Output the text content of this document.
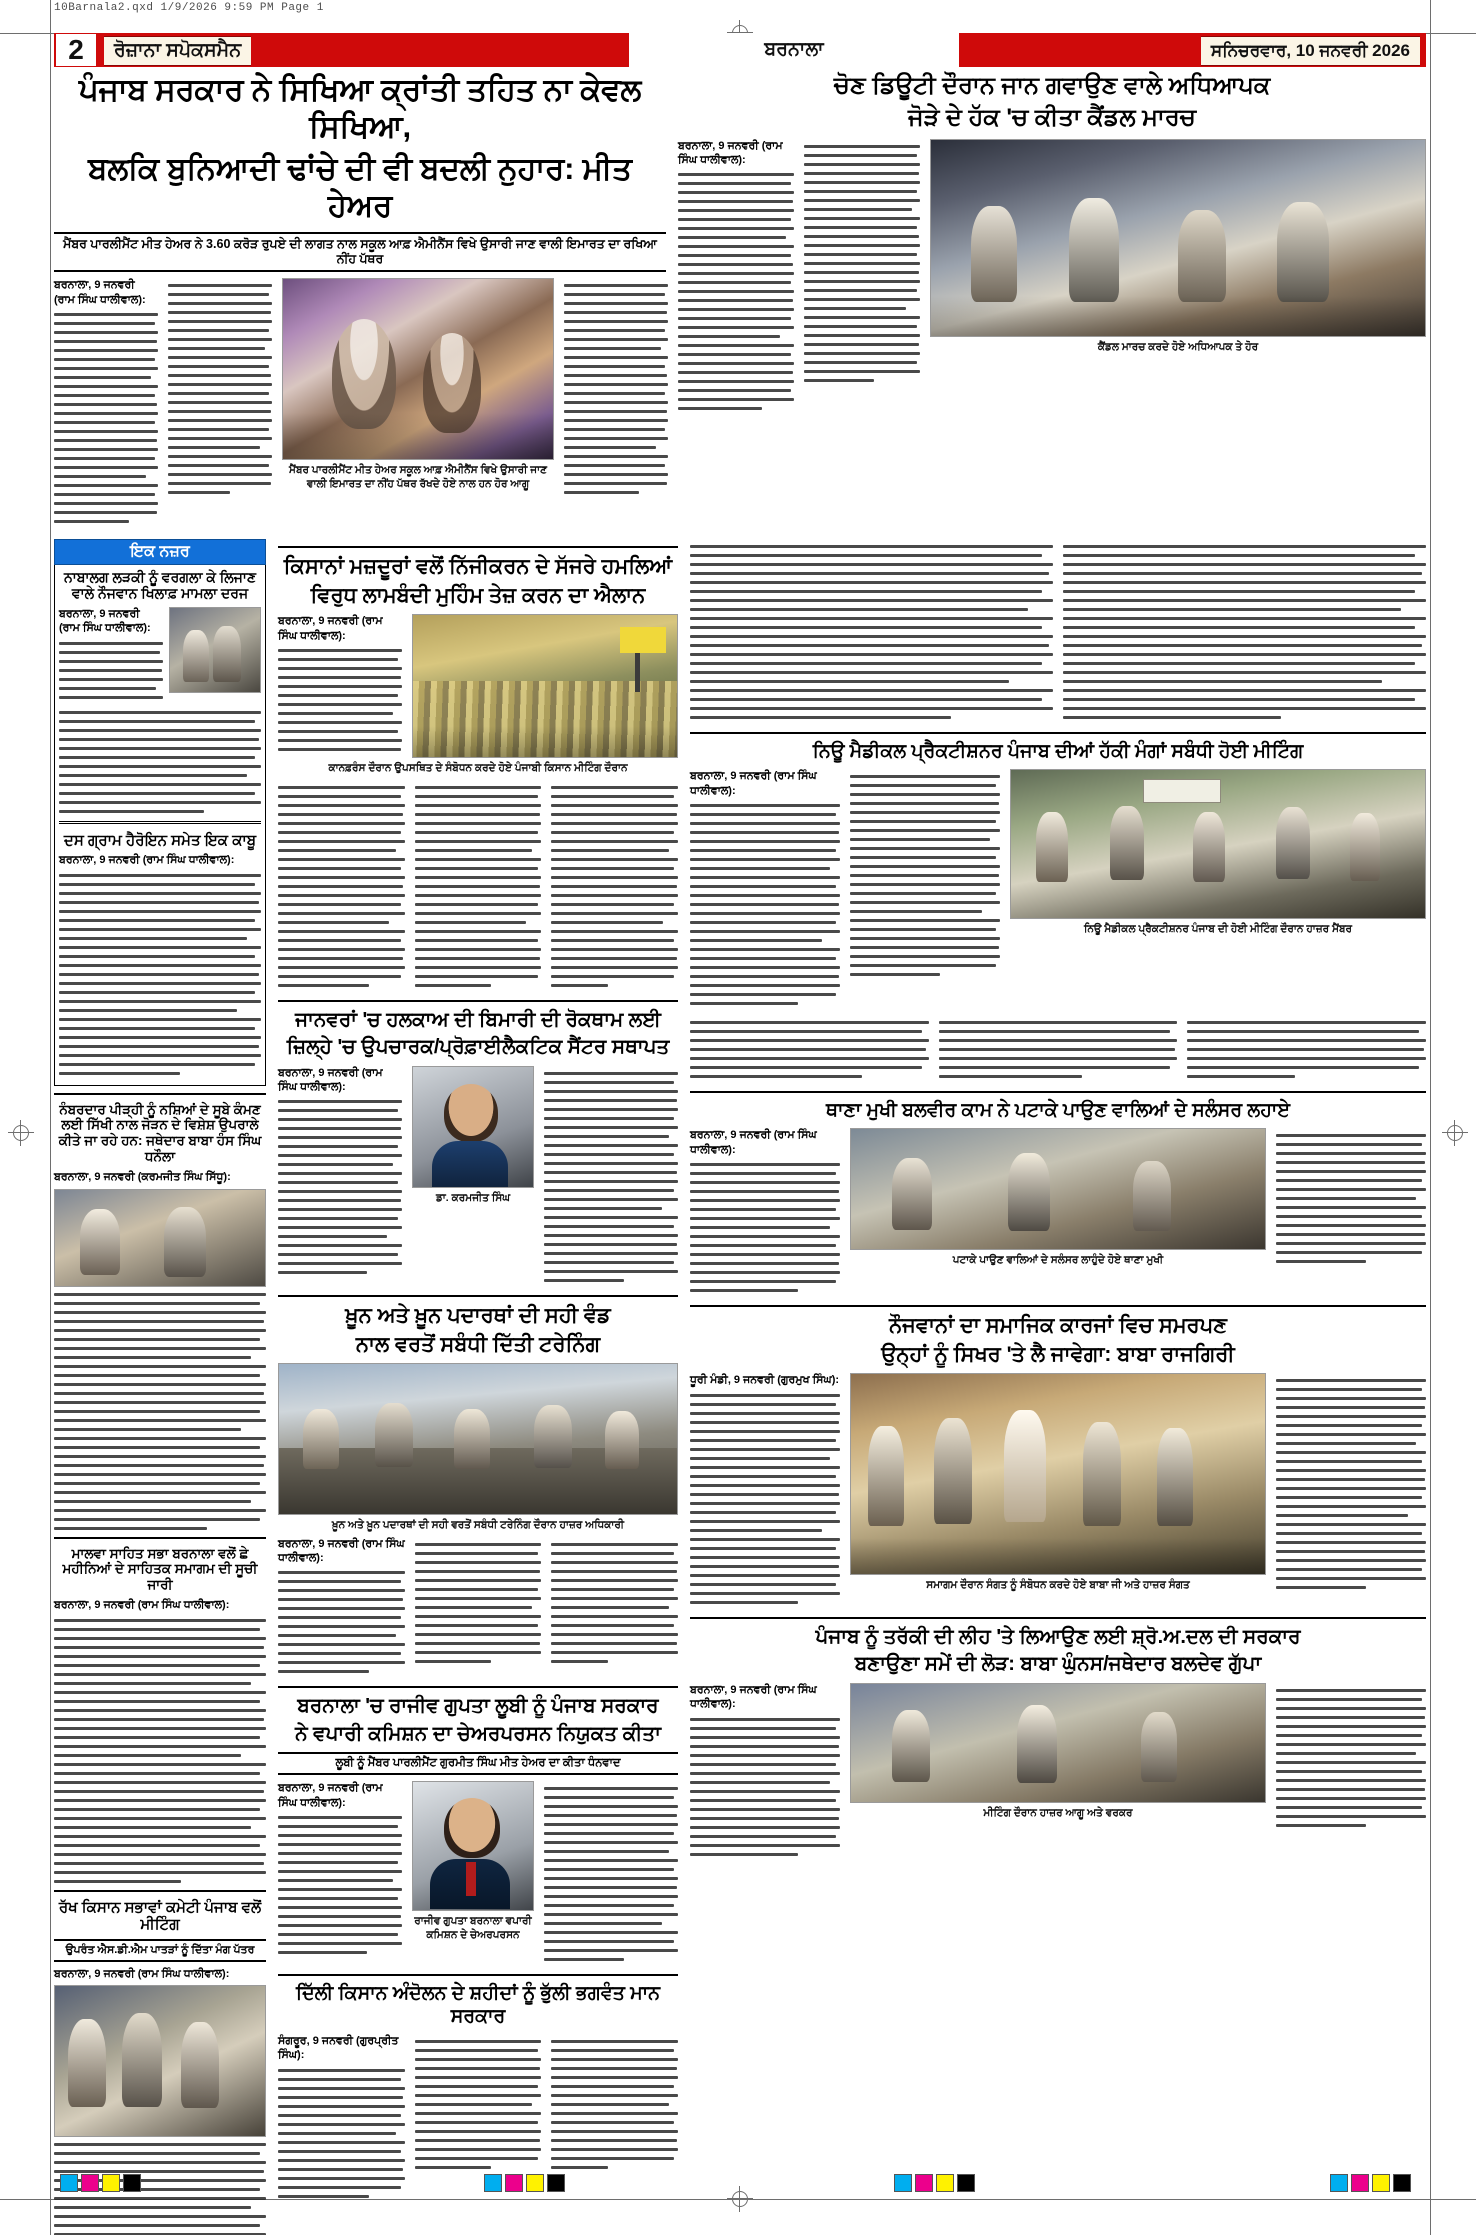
10Barnala2.qxd 1/9/2026 9:59 PM Page 1
2	ਰੋਜ਼ਾਨਾ ਸਪੋਕਸਮੈਨ	ਬਰਨਾਲਾ	ਸਨਿਚਰਵਾਰ, 10 ਜਨਵਰੀ 2026
ਪੰਜਾਬ ਸਰਕਾਰ ਨੇ ਸਿਖਿਆ ਕ੍ਰਾਂਤੀ ਤਹਿਤ ਨਾ ਕੇਵਲ ਸਿਖਿਆ,
ਬਲਕਿ ਬੁਨਿਆਦੀ ਢਾਂਚੇ ਦੀ ਵੀ ਬਦਲੀ ਨੁਹਾਰ: ਮੀਤ ਹੇਅਰ
ਮੈਂਬਰ ਪਾਰਲੀਮੈਂਟ ਮੀਤ ਹੇਅਰ ਨੇ 3.60 ਕਰੋੜ ਰੁਪਏ ਦੀ ਲਾਗਤ ਨਾਲ ਸਕੂਲ ਆਫ਼ ਐਮੀਨੈਂਸ ਵਿਖੇ ਉਸਾਰੀ ਜਾਣ ਵਾਲੀ ਇਮਾਰਤ ਦਾ ਰਖਿਆ ਨੀਂਹ ਪੱਥਰ
ਬਰਨਾਲਾ, 9 ਜਨਵਰੀ (ਰਾਮ ਸਿੰਘ ਧਾਲੀਵਾਲ):
ਮੈਂਬਰ ਪਾਰਲੀਮੈਂਟ ਮੀਤ ਹੇਅਰ ਸਕੂਲ ਆਫ਼ ਐਮੀਨੈਂਸ ਵਿਖੇ ਉਸਾਰੀ ਜਾਣ ਵਾਲੀ ਇਮਾਰਤ ਦਾ ਨੀਂਹ ਪੱਥਰ ਰੱਖਦੇ ਹੋਏ ਨਾਲ ਹਨ ਹੋਰ ਆਗੂ
ਚੋਣ ਡਿਊਟੀ ਦੌਰਾਨ ਜਾਨ ਗਵਾਉਣ ਵਾਲੇ ਅਧਿਆਪਕ
ਜੋੜੇ ਦੇ ਹੱਕ 'ਚ ਕੀਤਾ ਕੈਂਡਲ ਮਾਰਚ
ਬਰਨਾਲਾ, 9 ਜਨਵਰੀ (ਰਾਮ ਸਿੰਘ ਧਾਲੀਵਾਲ):
ਕੈਂਡਲ ਮਾਰਚ ਕਰਦੇ ਹੋਏ ਅਧਿਆਪਕ ਤੇ ਹੋਰ
ਇਕ ਨਜ਼ਰ
ਨਾਬਾਲਗ ਲੜਕੀ ਨੂੰ ਵਰਗਲਾ ਕੇ ਲਿਜਾਣ ਵਾਲੇ ਨੌਜਵਾਨ ਖਿਲਾਫ਼ ਮਾਮਲਾ ਦਰਜ
ਬਰਨਾਲਾ, 9 ਜਨਵਰੀ (ਰਾਮ ਸਿੰਘ ਧਾਲੀਵਾਲ):
ਦਸ ਗ੍ਰਾਮ ਹੈਰੋਇਨ ਸਮੇਤ ਇਕ ਕਾਬੂ
ਬਰਨਾਲਾ, 9 ਜਨਵਰੀ (ਰਾਮ ਸਿੰਘ ਧਾਲੀਵਾਲ):
ਨੰਬਰਦਾਰ ਪੀੜ੍ਹੀ ਨੂੰ ਨਸ਼ਿਆਂ ਦੇ ਸੂਬੇ ਕੰਮਣ ਲਈ ਸਿੱਖੀ ਨਾਲ ਜੋੜਨ ਦੇ ਵਿਸ਼ੇਸ਼ ਉਪਰਾਲੇ ਕੀਤੇ ਜਾ ਰਹੇ ਹਨ: ਜਥੇਦਾਰ ਬਾਬਾ ਹੰਸ ਸਿੰਘ ਧਨੌਲਾ
ਬਰਨਾਲਾ, 9 ਜਨਵਰੀ (ਕਰਮਜੀਤ ਸਿੰਘ ਸਿੱਧੂ):
ਮਾਲਵਾ ਸਾਹਿਤ ਸਭਾ ਬਰਨਾਲਾ ਵਲੋਂ ਛੇ ਮਹੀਨਿਆਂ ਦੇ ਸਾਹਿਤਕ ਸਮਾਗਮ ਦੀ ਸੂਚੀ ਜਾਰੀ
ਬਰਨਾਲਾ, 9 ਜਨਵਰੀ (ਰਾਮ ਸਿੰਘ ਧਾਲੀਵਾਲ):
ਰੱਖ ਕਿਸਾਨ ਸਭਾਵਾਂ ਕਮੇਟੀ ਪੰਜਾਬ ਵਲੋਂ ਮੀਟਿੰਗ
ਉਪਰੰਤ ਐਸ.ਡੀ.ਐਮ ਪਾਤੜਾਂ ਨੂੰ ਦਿੱਤਾ ਮੰਗ ਪੱਤਰ
ਬਰਨਾਲਾ, 9 ਜਨਵਰੀ (ਰਾਮ ਸਿੰਘ ਧਾਲੀਵਾਲ):
ਕਿਸਾਨਾਂ ਮਜ਼ਦੂਰਾਂ ਵਲੋਂ ਨਿੱਜੀਕਰਨ ਦੇ ਸੱਜਰੇ ਹਮਲਿਆਂ
ਵਿਰੁਧ ਲਾਮਬੰਦੀ ਮੁਹਿੰਮ ਤੇਜ਼ ਕਰਨ ਦਾ ਐਲਾਨ
ਬਰਨਾਲਾ, 9 ਜਨਵਰੀ (ਰਾਮ ਸਿੰਘ ਧਾਲੀਵਾਲ):
ਕਾਨਫ਼ਰੰਸ ਦੌਰਾਨ ਉਪਸਥਿਤ ਦੇ ਸੰਬੋਧਨ ਕਰਦੇ ਹੋਏ ਪੰਜਾਬੀ ਕਿਸਾਨ ਮੀਟਿੰਗ ਦੌਰਾਨ
ਜਾਨਵਰਾਂ 'ਚ ਹਲਕਾਅ ਦੀ ਬਿਮਾਰੀ ਦੀ ਰੋਕਥਾਮ ਲਈ
ਜ਼ਿਲ੍ਹੇ 'ਚ ਉਪਚਾਰਕ/ਪ੍ਰੋਫ਼ਾਈਲੈਕਟਿਕ ਸੈਂਟਰ ਸਥਾਪਤ
ਬਰਨਾਲਾ, 9 ਜਨਵਰੀ (ਰਾਮ ਸਿੰਘ ਧਾਲੀਵਾਲ):
ਡਾ. ਕਰਮਜੀਤ ਸਿੰਘ
ਖ਼ੂਨ ਅਤੇ ਖ਼ੂਨ ਪਦਾਰਥਾਂ ਦੀ ਸਹੀ ਵੰਡ
ਨਾਲ ਵਰਤੋਂ ਸਬੰਧੀ ਦਿੱਤੀ ਟਰੇਨਿੰਗ
ਖ਼ੂਨ ਅਤੇ ਖ਼ੂਨ ਪਦਾਰਥਾਂ ਦੀ ਸਹੀ ਵਰਤੋਂ ਸਬੰਧੀ ਟਰੇਨਿੰਗ ਦੌਰਾਨ ਹਾਜ਼ਰ ਅਧਿਕਾਰੀ
ਬਰਨਾਲਾ, 9 ਜਨਵਰੀ (ਰਾਮ ਸਿੰਘ ਧਾਲੀਵਾਲ):
ਬਰਨਾਲਾ 'ਚ ਰਾਜੀਵ ਗੁਪਤਾ ਲੂਬੀ ਨੂੰ ਪੰਜਾਬ ਸਰਕਾਰ
ਨੇ ਵਪਾਰੀ ਕਮਿਸ਼ਨ ਦਾ ਚੇਅਰਪਰਸਨ ਨਿਯੁਕਤ ਕੀਤਾ
ਲੂਬੀ ਨੂੰ ਮੈਂਬਰ ਪਾਰਲੀਮੈਂਟ ਗੁਰਮੀਤ ਸਿੰਘ ਮੀਤ ਹੇਅਰ ਦਾ ਕੀਤਾ ਧੰਨਵਾਦ
ਬਰਨਾਲਾ, 9 ਜਨਵਰੀ (ਰਾਮ ਸਿੰਘ ਧਾਲੀਵਾਲ):
ਰਾਜੀਵ ਗੁਪਤਾ ਬਰਨਾਲਾ ਵਪਾਰੀ ਕਮਿਸ਼ਨ ਦੇ ਚੇਅਰਪਰਸਨ
ਦਿੱਲੀ ਕਿਸਾਨ ਅੰਦੋਲਨ ਦੇ ਸ਼ਹੀਦਾਂ ਨੂੰ ਭੁੱਲੀ ਭਗਵੰਤ ਮਾਨ ਸਰਕਾਰ
ਸੰਗਰੂਰ, 9 ਜਨਵਰੀ (ਗੁਰਪ੍ਰੀਤ ਸਿੰਘ):
ਨਿਊ ਮੈਡੀਕਲ ਪ੍ਰੈਕਟੀਸ਼ਨਰ ਪੰਜਾਬ ਦੀਆਂ ਹੱਕੀ ਮੰਗਾਂ ਸਬੰਧੀ ਹੋਈ ਮੀਟਿੰਗ
ਬਰਨਾਲਾ, 9 ਜਨਵਰੀ (ਰਾਮ ਸਿੰਘ ਧਾਲੀਵਾਲ):
ਨਿਊ ਮੈਡੀਕਲ ਪ੍ਰੈਕਟੀਸ਼ਨਰ ਪੰਜਾਬ ਦੀ ਹੋਈ ਮੀਟਿੰਗ ਦੌਰਾਨ ਹਾਜ਼ਰ ਮੈਂਬਰ
ਥਾਣਾ ਮੁਖੀ ਬਲਵੀਰ ਕਾਮ ਨੇ ਪਟਾਕੇ ਪਾਉਣ ਵਾਲਿਆਂ ਦੇ ਸਲੰਸਰ ਲਹਾਏ
ਬਰਨਾਲਾ, 9 ਜਨਵਰੀ (ਰਾਮ ਸਿੰਘ ਧਾਲੀਵਾਲ):
ਪਟਾਕੇ ਪਾਉਣ ਵਾਲਿਆਂ ਦੇ ਸਲੰਸਰ ਲਾਹੁੰਦੇ ਹੋਏ ਥਾਣਾ ਮੁਖੀ
ਨੌਜਵਾਨਾਂ ਦਾ ਸਮਾਜਿਕ ਕਾਰਜਾਂ ਵਿਚ ਸਮਰਪਣ
ਉਨ੍ਹਾਂ ਨੂੰ ਸਿਖਰ 'ਤੇ ਲੈ ਜਾਵੇਗਾ: ਬਾਬਾ ਰਾਜਗਿਰੀ
ਧੂਰੀ ਮੰਡੀ, 9 ਜਨਵਰੀ (ਗੁਰਮੁਖ ਸਿੰਘ):
ਸਮਾਗਮ ਦੌਰਾਨ ਸੰਗਤ ਨੂੰ ਸੰਬੋਧਨ ਕਰਦੇ ਹੋਏ ਬਾਬਾ ਜੀ ਅਤੇ ਹਾਜ਼ਰ ਸੰਗਤ
ਪੰਜਾਬ ਨੂੰ ਤਰੱਕੀ ਦੀ ਲੀਹ 'ਤੇ ਲਿਆਉਣ ਲਈ ਸ਼੍ਰੋ.ਅ.ਦਲ ਦੀ ਸਰਕਾਰ
ਬਣਾਉਣਾ ਸਮੇਂ ਦੀ ਲੋੜ: ਬਾਬਾ ਘੁੰਨਸ/ਜਥੇਦਾਰ ਬਲਦੇਵ ਗੁੱਪਾ
ਬਰਨਾਲਾ, 9 ਜਨਵਰੀ (ਰਾਮ ਸਿੰਘ ਧਾਲੀਵਾਲ):
ਮੀਟਿੰਗ ਦੌਰਾਨ ਹਾਜ਼ਰ ਆਗੂ ਅਤੇ ਵਰਕਰ
